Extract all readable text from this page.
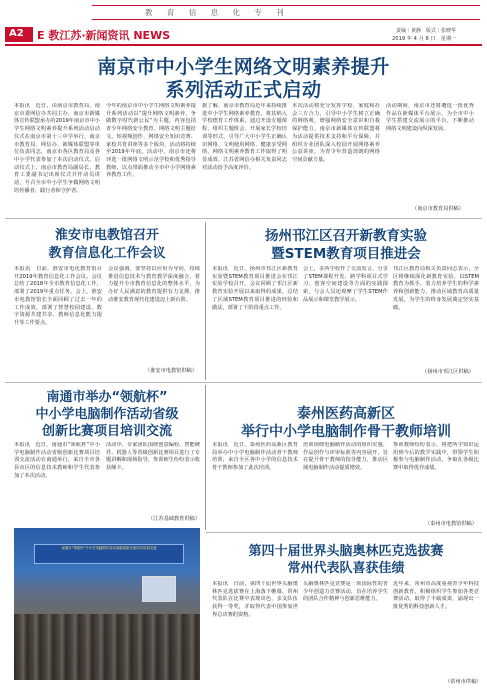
教 育 信 息 化 专 刊
A2 E 教江苏·新闻资讯 NEWS	责编｜黄静　版式｜张晓华
2019 年 4 月 8 日　星期一
南京市中小学生网络文明素养提升
系列活动正式启动
本报讯　近日，由南京市教育局、南京市委网信办共同主办，南京市新媒体宣传联盟承办的2019年南京市中小学生网络文明素养提升系列活动启动仪式在南京市第十三中学举行。南京市教育局、网信办、新媒体联盟等单位负责同志，南京市各区教育局及各中小学代表参加了本次启动仪式。启动仪式上，南京市教育局副局长、教育工委副书记出席仪式并作动员讲话，号召全市中小学生争做网络文明的传播者、践行者和守护者。
今年的南京市中小学生网络文明素养提升系列活动以“提升网络文明素养，争做数字时代新公民”为主题，内容包括青少年网络安全教育、网络文明主题征文、短视频创作、网络安全知识竞赛、家校共育讲座等多个板块，活动将持续至2019年年底。活动中，南京市还将评选一批网络文明示范学校和优秀指导教师，以点带面推动全市中小学网络素养教育工作。
据了解，南京市教育局近年来持续推进中小学生网络素养教育，将其纳入学校德育工作体系，通过开设专题课程、组织主题班会、开展家长学校培训等形式，引导广大中小学生正确认识网络、文明使用网络、健康享受网络，网络文明素养教育工作取得了明显成效。江苏省网信办相关负责同志对活动给予高度评价。
本次活动将充分发挥学校、家庭和社会三方合力，引导中小学生树立正确的网络观，增强网络安全意识和自我保护能力。南京市新媒体宣传联盟将为活动提供技术支持和平台保障，并组织专业团队深入校园开展网络素养公益讲座，为青少年营造清朗的网络空间贡献力量。
活动期间，南京市还将遴选一批优秀作品在新媒体平台展示，为全市中小学生搭建交流展示的平台，不断推动网络文明建设向纵深发展。
（南京市教育局供稿）
淮安市电教馆召开
教育信息化工作会议
本报讯　日前，淮安市电化教育馆召开2019年教育信息化工作会议。会议总结了2018年全市教育信息化工作，部署了2019年重点任务。会上，淮安市电教馆馆长全面回顾了过去一年的工作成效，部署了智慧校园建设、数字资源共建共享、教师信息化能力提升等工作要点。
会议强调，要坚持以应用为导向，持续推进信息技术与教育教学深度融合，着力提升全市教育信息化的整体水平，为办好人民满意的教育提供有力支撑，推动淮安教育现代化建设迈上新台阶。
（淮安市电教馆供稿）
扬州邗江区召开新教育实验
暨STEM教育项目推进会
本报讯　近日，扬州市邗江区新教育实验暨STEM教育项目推进会在邗江实验学校召开。会议回顾了邗江区新教育实验开展以来取得的成果，总结了区域STEM教育项目推进的经验和做法，部署了下阶段重点工作。
会上，多所学校作了交流发言，分享了STEM课程开发、跨学科项目式学习、创客空间建设等方面的实践探索，与会人员还观摩了学生STEM作品展示和课堂教学展示。
邗江区教育局相关负责同志表示，全区将继续深化新教育实验，以STEM教育为抓手，着力培养学生的科学素养和创新能力，推动区域教育高质量发展，为学生的终身发展奠定坚实基础。
（扬州市邗江区供稿）
南通市举办“领航杯”
中小学电脑制作活动省级
创新比赛项目培训交流
本报讯　近日，南通市“领航杯”中小学电脑制作活动省级创新比赛项目培训交流活动在南通举行，来自全市各县市区的信息技术教师和学生代表参加了本次活动。
活动中，专家团队围绕创意编程、智能硬件、机器人等省级创新比赛项目进行了专题讲解和现场指导，参训师生纷纷表示收获颇丰。
（江苏基础教育供稿）
南通市“领航杯”中小学电脑制作活动省级创新比赛项目培训交流
泰州医药高新区
举行中小学电脑制作骨干教师培训
本报讯　近日，泰州医药高新区教育局举办中小学电脑制作活动骨干教师培训，来自全区各中小学的信息技术骨干教师参加了此次培训。
培训围绕电脑制作活动的组织实施、作品创作与评审标准等内容展开，旨在提升骨干教师的指导能力，推动区域电脑制作活动提质增效。
参训教师纷纷表示，将把所学知识运用到今后的教学实践中，带领学生积极参与电脑制作活动，争取在各级比赛中取得优异成绩。
（泰州市电教馆供稿）
第四十届世界头脑奥林匹克选拔赛
常州代表队喜获佳绩
本报讯　日前，第四十届世界头脑奥林匹克选拔赛在上海落下帷幕，常州代表队在比赛中表现出色，多支队伍获得一等奖，并取得代表中国参加世界总决赛的资格。
头脑奥林匹克竞赛是一项国际性的青少年创造力竞赛活动，旨在培养学生的团队合作精神与创新思维能力。
近年来，常州市高度重视青少年科技创新教育，积极组织学生参加各类竞赛活动，取得了丰硕成果，涌现出一批优秀的科技创新人才。
（常州市供稿）
